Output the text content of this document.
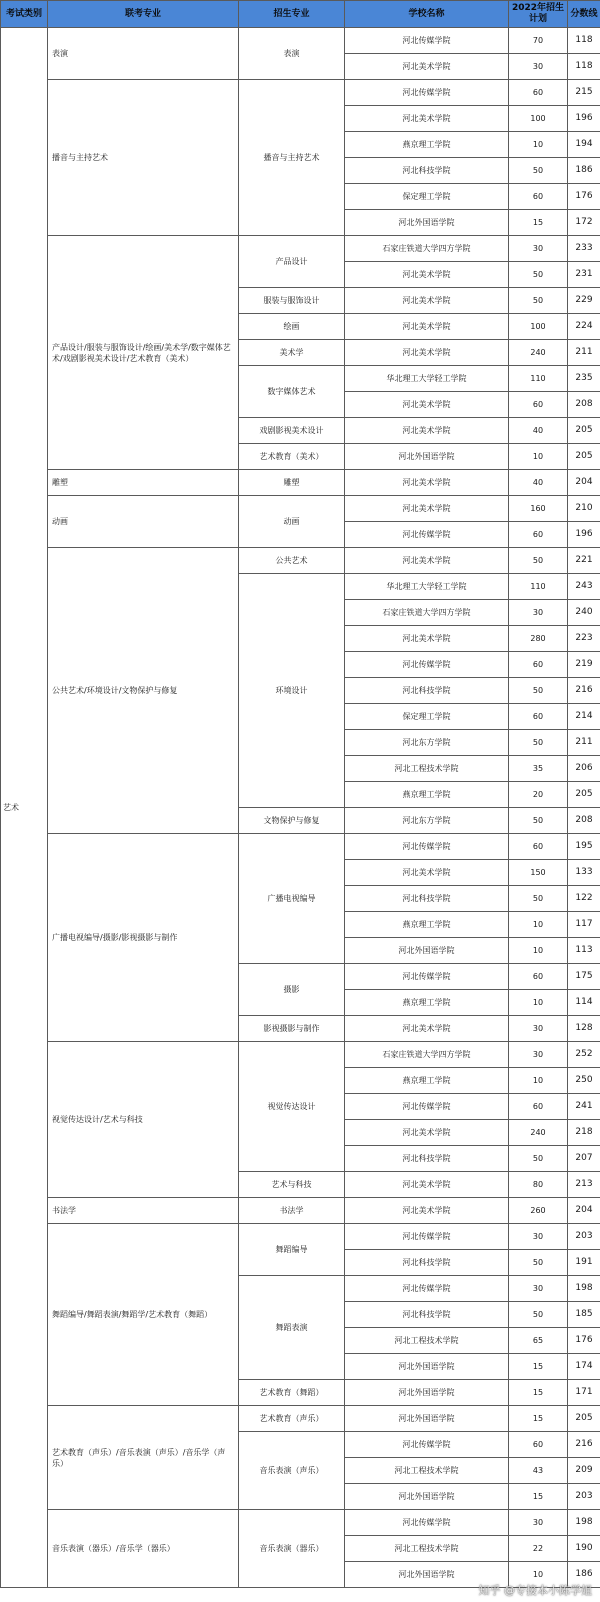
考试类别	联考专业	招生专业	学校名称	2022年招生计划	分数线
艺术	表演	表演	河北传媒学院	70	118
			河北美术学院	30	118
	播音与主持艺术	播音与主持艺术	河北传媒学院	60	215
			河北美术学院	100	196
			燕京理工学院	10	194
			河北科技学院	50	186
			保定理工学院	60	176
			河北外国语学院	15	172
	产品设计/服装与服饰设计/绘画/美术学/数字媒体艺术/戏剧影视美术设计/艺术教育（美术）	产品设计	石家庄铁道大学四方学院	30	233
			河北美术学院	50	231
		服装与服饰设计	河北美术学院	50	229
		绘画	河北美术学院	100	224
		美术学	河北美术学院	240	211
		数字媒体艺术	华北理工大学轻工学院	110	235
			河北美术学院	60	208
		戏剧影视美术设计	河北美术学院	40	205
		艺术教育（美术）	河北外国语学院	10	205
	雕塑	雕塑	河北美术学院	40	204
	动画	动画	河北美术学院	160	210
			河北传媒学院	60	196
	公共艺术/环境设计/文物保护与修复	公共艺术	河北美术学院	50	221
		环境设计	华北理工大学轻工学院	110	243
			石家庄铁道大学四方学院	30	240
			河北美术学院	280	223
			河北传媒学院	60	219
			河北科技学院	50	216
			保定理工学院	60	214
			河北东方学院	50	211
			河北工程技术学院	35	206
			燕京理工学院	20	205
		文物保护与修复	河北东方学院	50	208
	广播电视编导/摄影/影视摄影与制作	广播电视编导	河北传媒学院	60	195
			河北美术学院	150	133
			河北科技学院	50	122
			燕京理工学院	10	117
			河北外国语学院	10	113
		摄影	河北传媒学院	60	175
			燕京理工学院	10	114
		影视摄影与制作	河北美术学院	30	128
	视觉传达设计/艺术与科技	视觉传达设计	石家庄铁道大学四方学院	30	252
			燕京理工学院	10	250
			河北传媒学院	60	241
			河北美术学院	240	218
			河北科技学院	50	207
		艺术与科技	河北美术学院	80	213
	书法学	书法学	河北美术学院	260	204
	舞蹈编导/舞蹈表演/舞蹈学/艺术教育（舞蹈）	舞蹈编导	河北传媒学院	30	203
			河北科技学院	50	191
		舞蹈表演	河北传媒学院	30	198
			河北科技学院	50	185
			河北工程技术学院	65	176
			河北外国语学院	15	174
		艺术教育（舞蹈）	河北外国语学院	15	171
	艺术教育（声乐）/音乐表演（声乐）/音乐学（声乐）	艺术教育（声乐）	河北外国语学院	15	205
		音乐表演（声乐）	河北传媒学院	60	216
			河北工程技术学院	43	209
			河北外国语学院	15	203
	音乐表演（器乐）/音乐学（器乐）	音乐表演（器乐）	河北传媒学院	30	198
			河北工程技术学院	22	190
			河北外国语学院	10	186
知乎 @专接本小陈学姐
